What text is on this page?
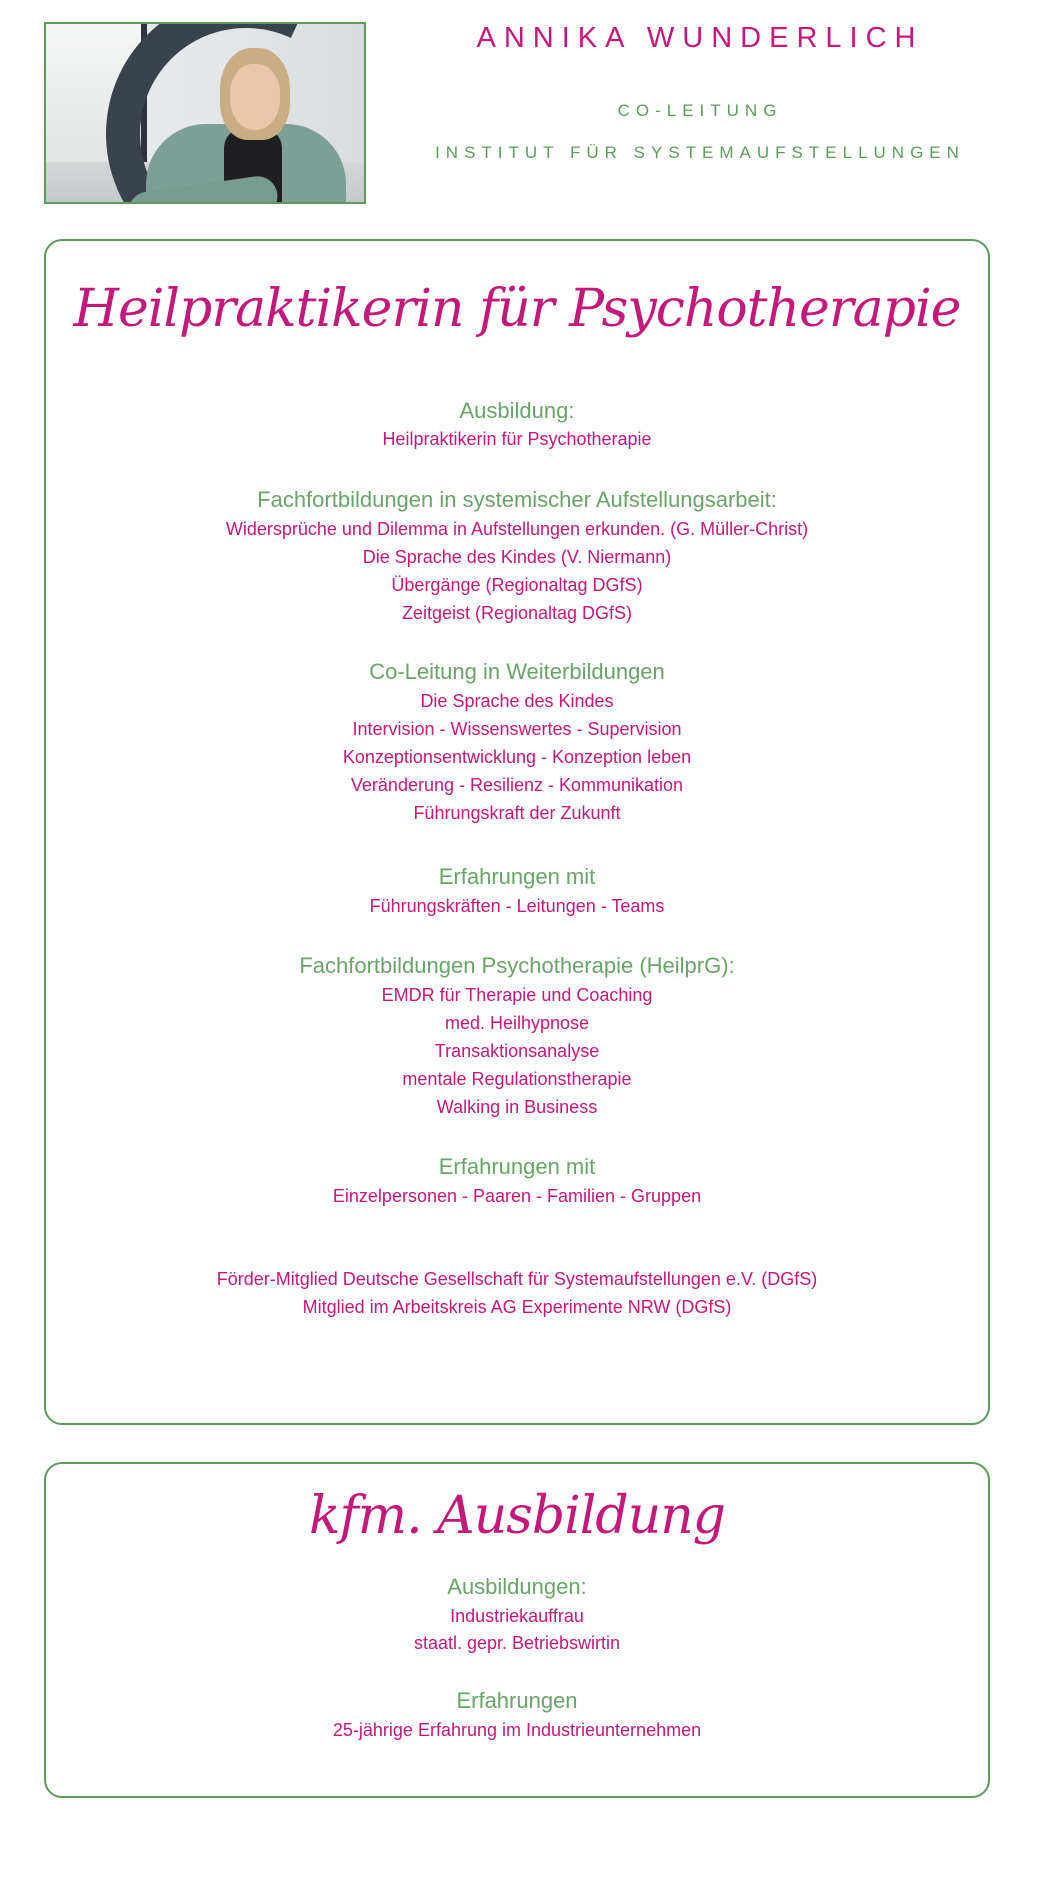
ANNIKA WUNDERLICH
CO-LEITUNG
INSTITUT FÜR SYSTEMAUFSTELLUNGEN
Heilpraktikerin für Psychotherapie
Ausbildung:
Heilpraktikerin für Psychotherapie
Fachfortbildungen in systemischer Aufstellungsarbeit:
Widersprüche und Dilemma in Aufstellungen erkunden. (G. Müller-Christ)
Die Sprache des Kindes (V. Niermann)
Übergänge (Regionaltag DGfS)
Zeitgeist (Regionaltag DGfS)
Co-Leitung in Weiterbildungen
Die Sprache des Kindes
Intervision - Wissenswertes - Supervision
Konzeptionsentwicklung - Konzeption leben
Veränderung - Resilienz - Kommunikation
Führungskraft der Zukunft
Erfahrungen mit
Führungskräften - Leitungen - Teams
Fachfortbildungen Psychotherapie (HeilprG):
EMDR für Therapie und Coaching
med. Heilhypnose
Transaktionsanalyse
mentale Regulationstherapie
Walking in Business
Erfahrungen mit
Einzelpersonen - Paaren - Familien - Gruppen
Förder-Mitglied Deutsche Gesellschaft für Systemaufstellungen e.V. (DGfS)
Mitglied im Arbeitskreis AG Experimente NRW (DGfS)
kfm. Ausbildung
Ausbildungen:
Industriekauffrau
staatl. gepr. Betriebswirtin
Erfahrungen
25-jährige Erfahrung im Industrieunternehmen
